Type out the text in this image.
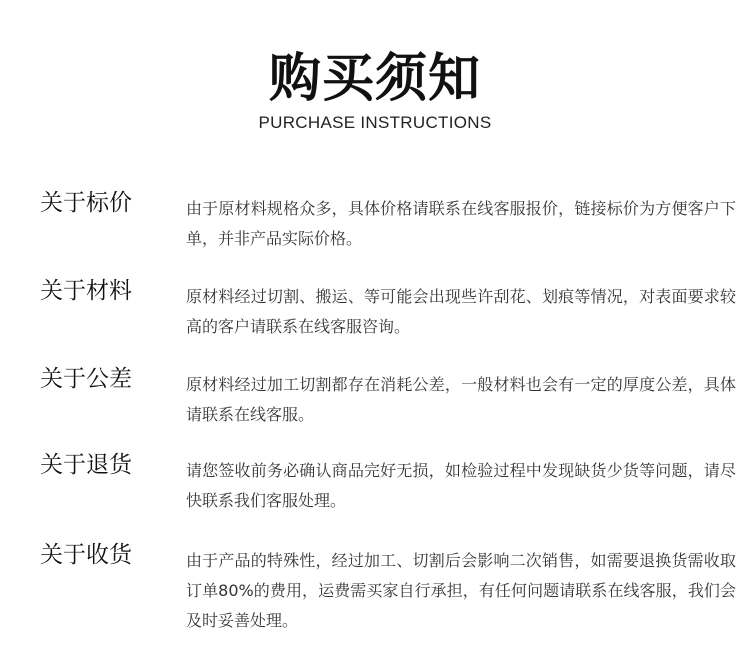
购买须知
PURCHASE INSTRUCTIONS
关于标价	由于原材料规格众多，具体价格请联系在线客服报价，链接标价为方便客户下单，并非产品实际价格。
关于材料	原材料经过切割、搬运、等可能会出现些许刮花、划痕等情况，对表面要求较高的客户请联系在线客服咨询。
关于公差	原材料经过加工切割都存在消耗公差，一般材料也会有一定的厚度公差，具体请联系在线客服。
关于退货	请您签收前务必确认商品完好无损，如检验过程中发现缺货少货等问题，请尽快联系我们客服处理。
关于收货	由于产品的特殊性，经过加工、切割后会影响二次销售，如需要退换货需收取订单80%的费用，运费需买家自行承担，有任何问题请联系在线客服，我们会及时妥善处理。
